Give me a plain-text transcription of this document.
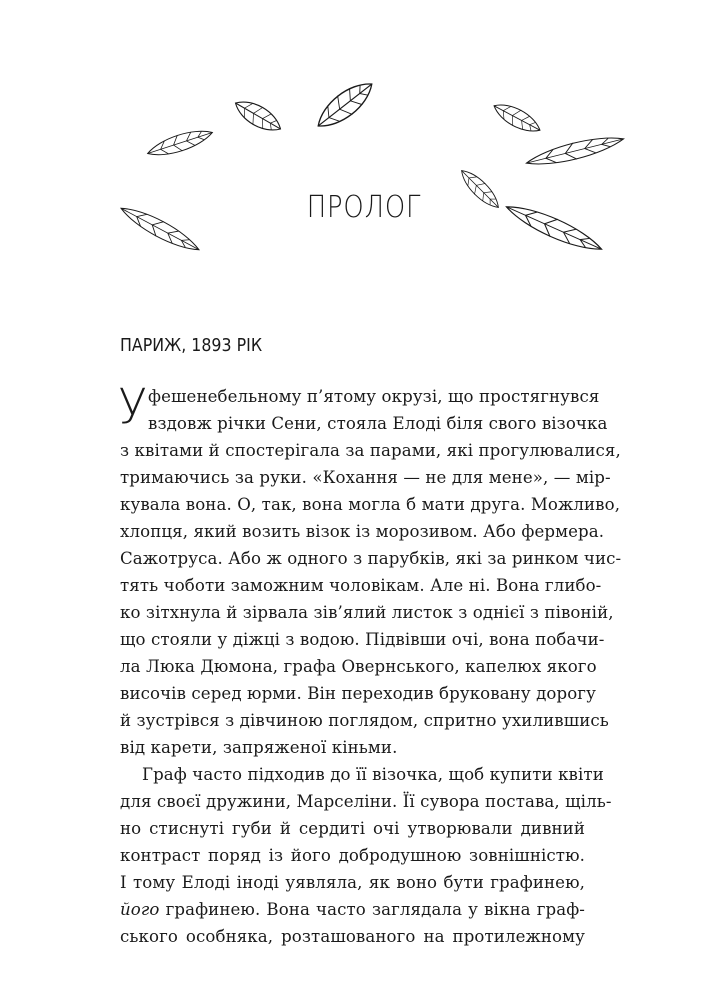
ПРОЛОГ
ПАРИЖ, 1893 РІК
У фешенебельному п’ятому окрузі, що простягнувся
вздовж річки Сени, стояла Елоді біля свого візочка
з квітами й спостерігала за парами, які прогулювалися,
тримаючись за руки. «Кохання — не для мене», — мір-
кувала вона. О, так, вона могла б мати друга. Можливо,
хлопця, який возить візок із морозивом. Або фермера.
Сажотруса. Або ж одного з парубків, які за ринком чис-
тять чоботи заможним чоловікам. Але ні. Вона глибо-
ко зітхнула й зірвала зів’ялий листок з однієї з півоній,
що стояли у діжці з водою. Підвівши очі, вона побачи-
ла Люка Дюмона, графа Овернського, капелюх якого
височів серед юрми. Він переходив бруковану дорогу
й зустрівся з дівчиною поглядом, спритно ухилившись
від карети, запряженої кіньми.
Граф часто підходив до її візочка, щоб купити квіти
для своєї дружини, Марселіни. Її сувора постава, щіль-
но стиснуті губи й сердиті очі утворювали дивний
контраст поряд із його добродушною зовнішністю.
І тому Елоді іноді уявляла, як воно бути графинею,
його графинею. Вона часто заглядала у вікна граф-
ського особняка, розташованого на протилежному
